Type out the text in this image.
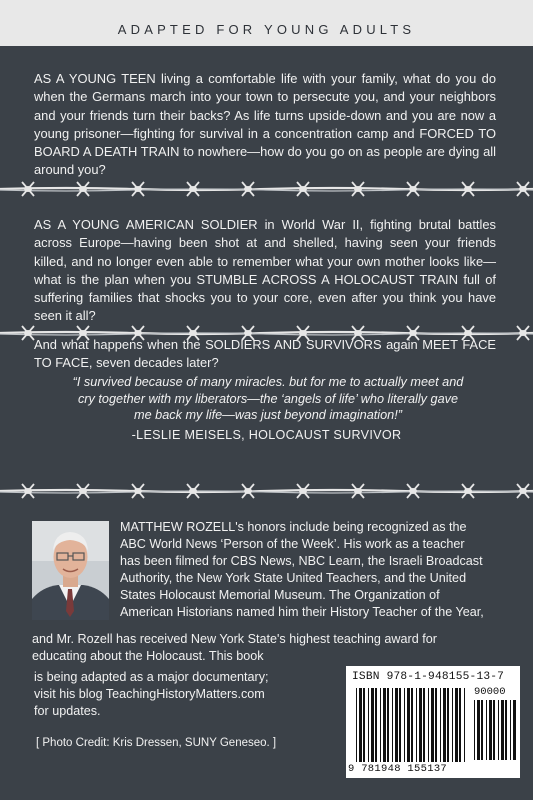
ADAPTED FOR YOUNG ADULTS

AS A YOUNG TEEN living a comfortable life with your family, what do you do when the Germans march into your town to persecute you, and your neighbors and your friends turn their backs? As life turns upside-down and you are now a young prisoner—fighting for survival in a concentration camp and FORCED TO BOARD A DEATH TRAIN to nowhere—how do you go on as people are dying all around you?

AS A YOUNG AMERICAN SOLDIER in World War II, fighting brutal battles across Europe—having been shot at and shelled, having seen your friends killed, and no longer even able to remember what your own mother looks like—what is the plan when you STUMBLE ACROSS A HOLOCAUST TRAIN full of suffering families that shocks you to your core, even after you think you have seen it all?

And what happens when the SOLDIERS AND SURVIVORS again MEET FACE TO FACE, seven decades later?

“I survived because of many miracles. but for me to actually meet and cry together with my liberators—the ‘angels of life’ who literally gave me back my life—was just beyond imagination!”
-LESLIE MEISELS, HOLOCAUST SURVIVOR

MATTHEW ROZELL's honors include being recognized as the

ABC World News ‘Person of the Week’. His work as a teacher

has been filmed for CBS News, NBC Learn, the Israeli Broadcast

Authority, the New York State United Teachers, and the United

States Holocaust Memorial Museum. The Organization of

American Historians named him their History Teacher of the Year,

and Mr. Rozell has received New York State's highest teaching award for

educating about the Holocaust. This book

is being adapted as a major documentary;

visit his blog TeachingHistoryMatters.com

for updates.

[ Photo Credit: Kris Dressen, SUNY Geneseo. ]
ISBN 978-1-948155-13-7
90000
9 781948 155137
